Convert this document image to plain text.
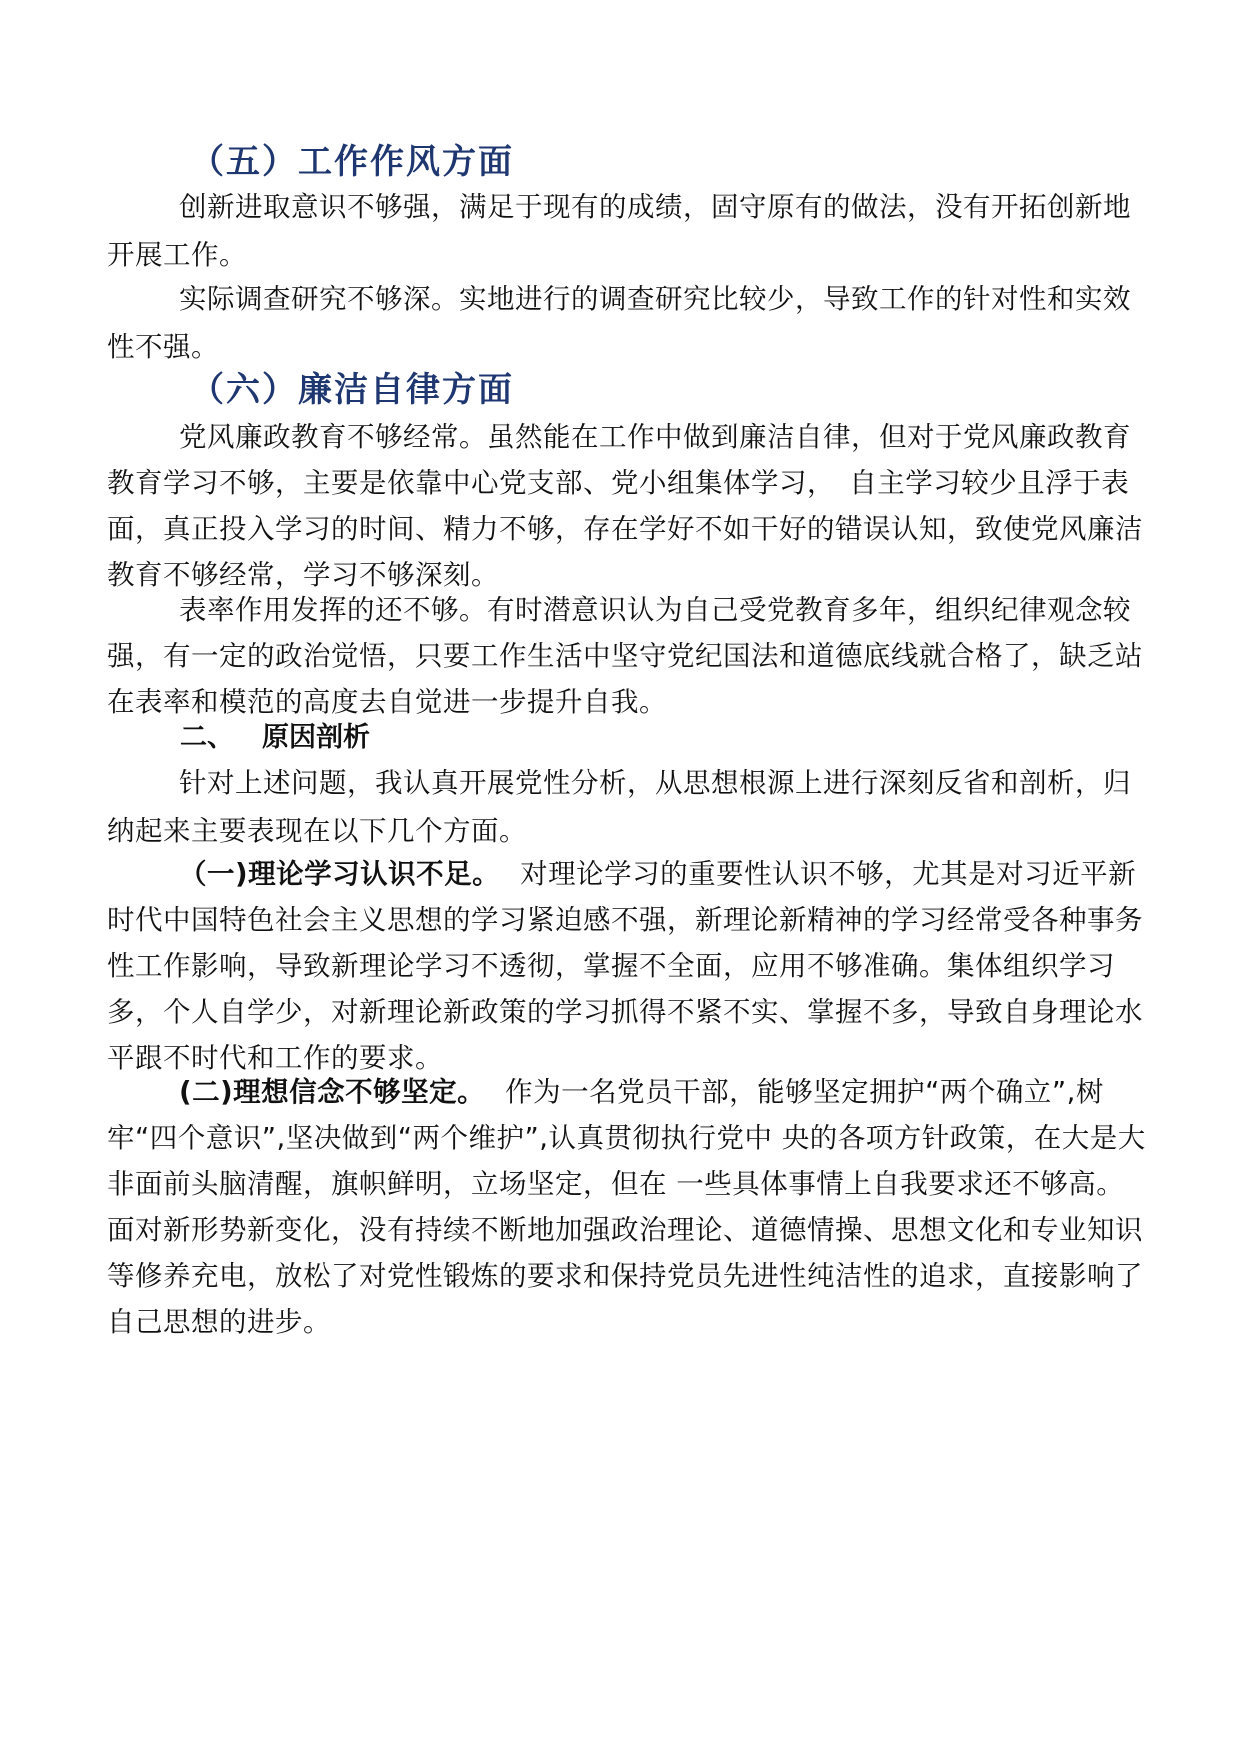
（五）工作作风方面

创新进取意识不够强，满足于现有的成绩，固守原有的做法，没有开拓创新地开展工作。

实际调查研究不够深。实地进行的调查研究比较少，导致工作的针对性和实效性不强。

（六）廉洁自律方面

党风廉政教育不够经常。虽然能在工作中做到廉洁自律，但对于党风廉政教育教育学习不够，主要是依靠中心党支部、党小组集体学习，　自主学习较少且浮于表面，真正投入学习的时间、精力不够，存在学好不如干好的错误认知，致使党风廉洁教育不够经常，学习不够深刻。

表率作用发挥的还不够。有时潜意识认为自己受党教育多年，组织纪律观念较强，有一定的政治觉悟，只要工作生活中坚守党纪国法和道德底线就合格了，缺乏站在表率和模范的高度去自觉进一步提升自我。

二、 原因剖析

针对上述问题，我认真开展党性分析，从思想根源上进行深刻反省和剖析，归纳起来主要表现在以下几个方面。

（一)理论学习认识不足。 对理论学习的重要性认识不够，尤其是对习近平新时代中国特色社会主义思想的学习紧迫感不强，新理论新精神的学习经常受各种事务性工作影响，导致新理论学习不透彻，掌握不全面，应用不够准确。集体组织学习多，个人自学少，对新理论新政策的学习抓得不紧不实、掌握不多，导致自身理论水平跟不时代和工作的要求。

(二)理想信念不够坚定。 作为一名党员干部，能够坚定拥护“两个确立”,树牢“四个意识”,坚决做到“两个维护”,认真贯彻执行党中 央的各项方针政策，在大是大非面前头脑清醒，旗帜鲜明，立场坚定，但在 一些具体事情上自我要求还不够高。面对新形势新变化，没有持续不断地加强政治理论、道德情操、思想文化和专业知识等修养充电，放松了对党性锻炼的要求和保持党员先进性纯洁性的追求，直接影响了自己思想的进步。
